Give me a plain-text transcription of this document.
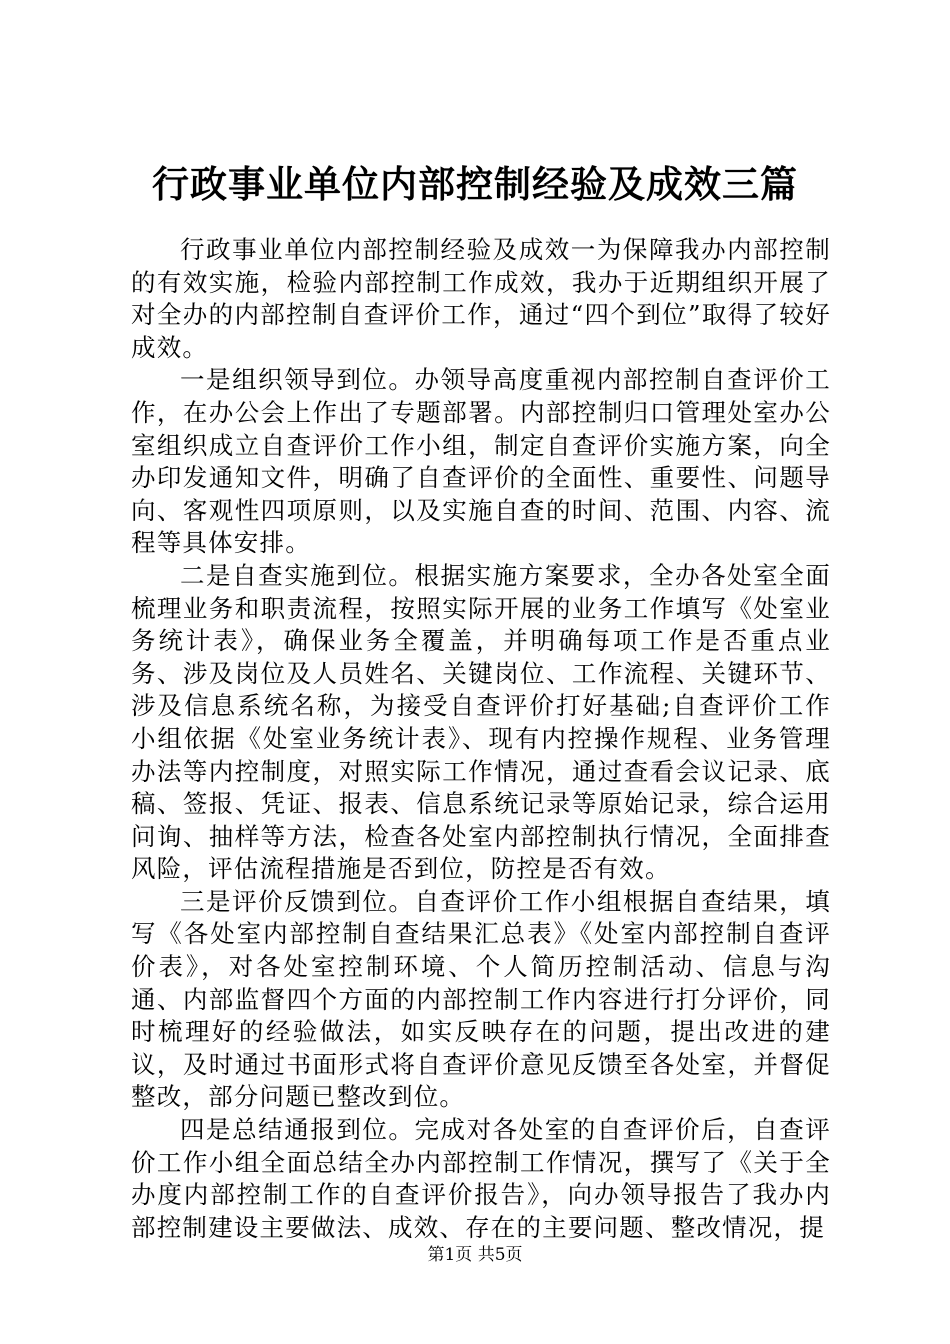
行政事业单位内部控制经验及成效三篇

行政事业单位内部控制经验及成效一为保障我办内部控制的有效实施，检验内部控制工作成效，我办于近期组织开展了对全办的内部控制自查评价工作，通过“四个到位”取得了较好成效。

一是组织领导到位。办领导高度重视内部控制自查评价工作，在办公会上作出了专题部署。内部控制归口管理处室办公室组织成立自查评价工作小组，制定自查评价实施方案，向全办印发通知文件，明确了自查评价的全面性、重要性、问题导向、客观性四项原则，以及实施自查的时间、范围、内容、流程等具体安排。

二是自查实施到位。根据实施方案要求，全办各处室全面梳理业务和职责流程，按照实际开展的业务工作填写《处室业务统计表》，确保业务全覆盖，并明确每项工作是否重点业务、涉及岗位及人员姓名、关键岗位、工作流程、关键环节、涉及信息系统名称，为接受自查评价打好基础;自查评价工作小组依据《处室业务统计表》、现有内控操作规程、业务管理办法等内控制度，对照实际工作情况，通过查看会议记录、底稿、签报、凭证、报表、信息系统记录等原始记录，综合运用问询、抽样等方法，检查各处室内部控制执行情况，全面排查风险，评估流程措施是否到位，防控是否有效。

三是评价反馈到位。自查评价工作小组根据自查结果，填写《各处室内部控制自查结果汇总表》《处室内部控制自查评价表》，对各处室控制环境、个人简历控制活动、信息与沟通、内部监督四个方面的内部控制工作内容进行打分评价，同时梳理好的经验做法，如实反映存在的问题，提出改进的建议，及时通过书面形式将自查评价意见反馈至各处室，并督促整改，部分问题已整改到位。

四是总结通报到位。完成对各处室的自查评价后，自查评价工作小组全面总结全办内部控制工作情况，撰写了《关于全办度内部控制工作的自查评价报告》，向办领导报告了我办内部控制建设主要做法、成效、存在的主要问题、整改情况，提

第1页 共5页
